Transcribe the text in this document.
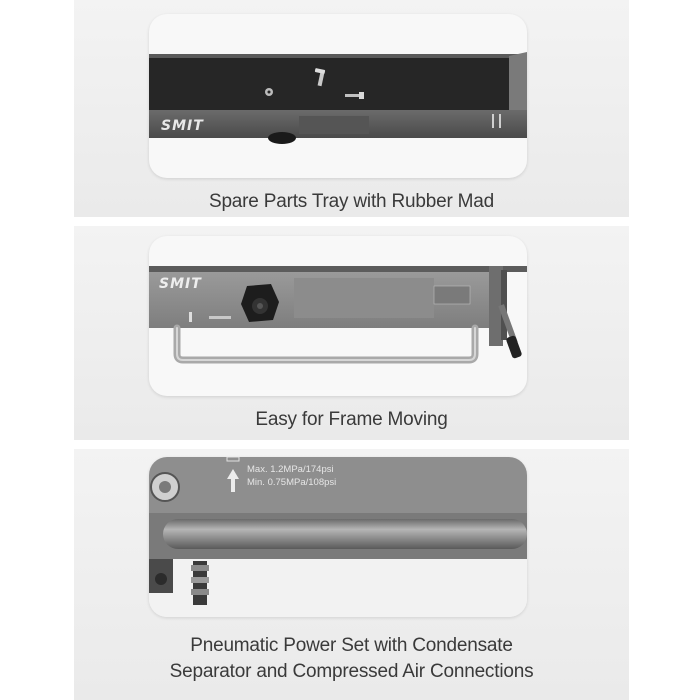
SMIT
Spare Parts Tray with Rubber Mad
SMIT
Easy for Frame Moving
Max. 1.2MPa/174psi
Min. 0.75MPa/108psi
Pneumatic Power Set with Condensate
Separator and Compressed Air Connections
